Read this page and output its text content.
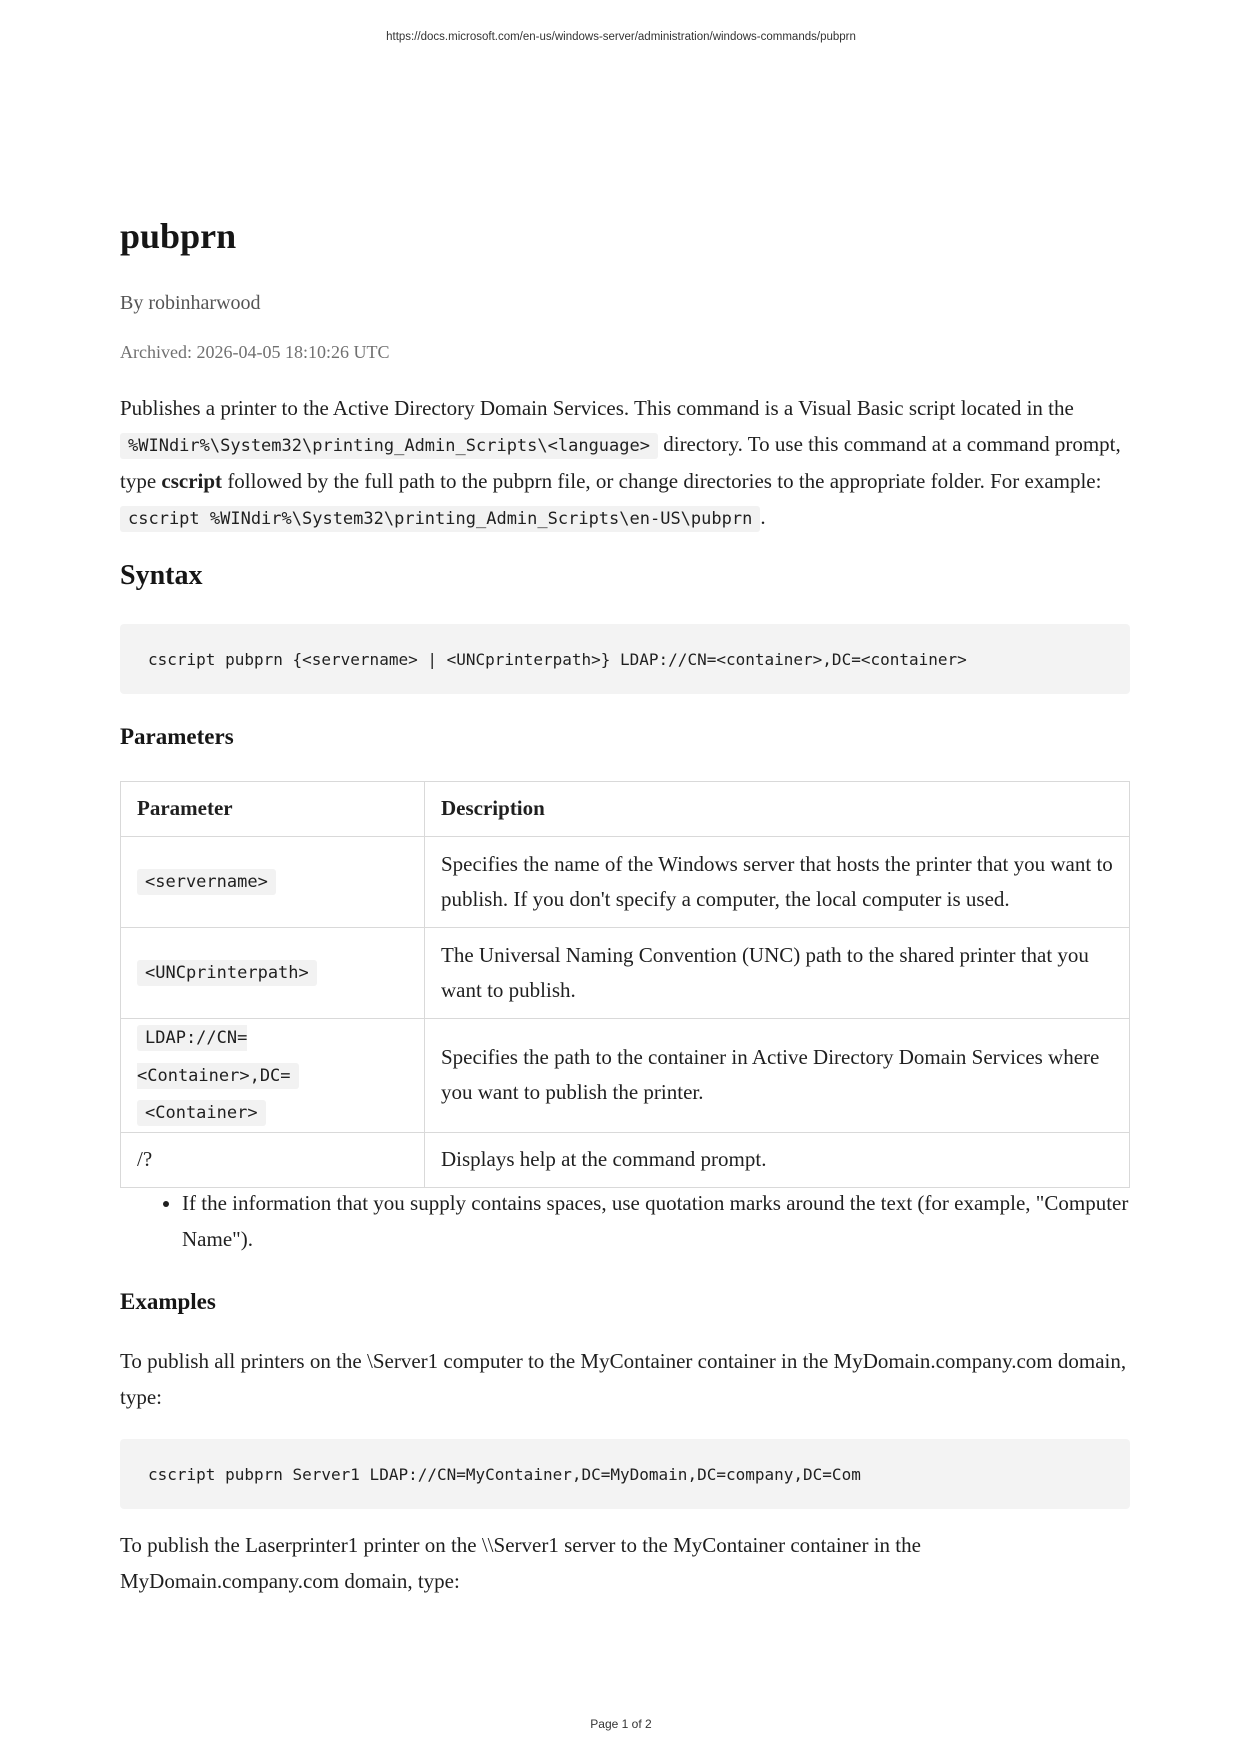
https://docs.microsoft.com/en-us/windows-server/administration/windows-commands/pubprn
pubprn

By robinharwood

Archived: 2026-04-05 18:10:26 UTC

Publishes a printer to the Active Directory Domain Services. This command is a Visual Basic script located in the %WINdir%\System32\printing_Admin_Scripts\<language> directory. To use this command at a command prompt, type cscript followed by the full path to the pubprn file, or change directories to the appropriate folder. For example: cscript %WINdir%\System32\printing_Admin_Scripts\en-US\pubprn .

Syntax
cscript pubprn {<servername> | <UNCprinterpath>} LDAP://CN=<container>,DC=<container>
Parameters
Parameter	Description
<servername>	Specifies the name of the Windows server that hosts the printer that you want to publish. If you don't specify a computer, the local computer is used.
<UNCprinterpath>	The Universal Naming Convention (UNC) path to the shared printer that you want to publish.
LDAP://CN=<Container>,DC=
<Container>	Specifies the path to the container in Active Directory Domain Services where you want to publish the printer.
/?	Displays help at the command prompt.
• If the information that you supply contains spaces, use quotation marks around the text (for example, "Computer Name").
Examples

To publish all printers on the \Server1 computer to the MyContainer container in the MyDomain.company.com domain, type:

cscript pubprn Server1 LDAP://CN=MyContainer,DC=MyDomain,DC=company,DC=Com

To publish the Laserprinter1 printer on the \\Server1 server to the MyContainer container in the MyDomain.company.com domain, type:

Page 1 of 2
